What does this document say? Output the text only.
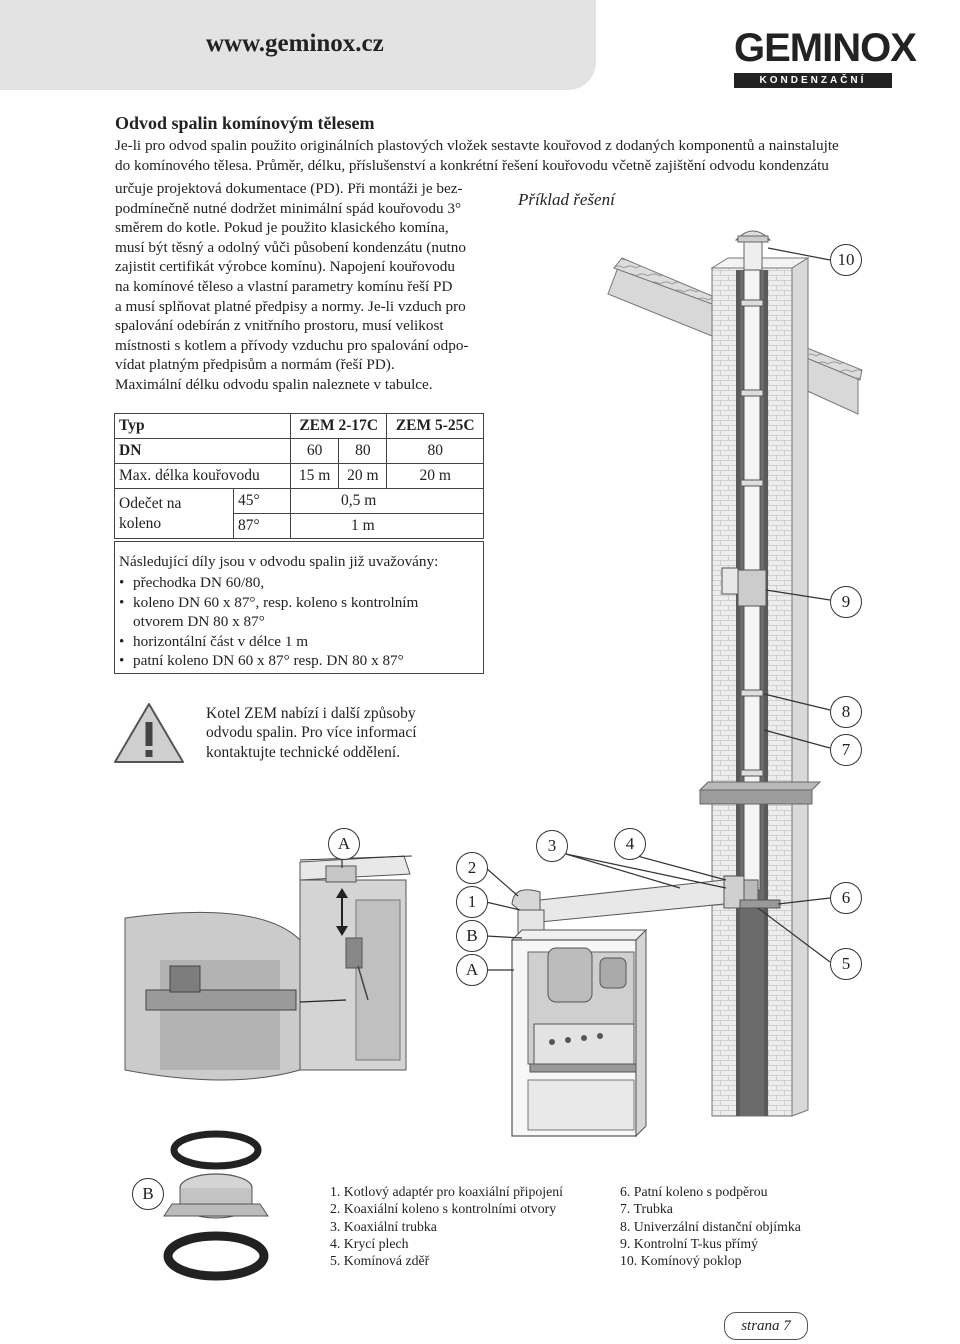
www.geminox.cz	GEMINOX
KONDENZAČNÍ KOTLE
Odvod spalin komínovým tělesem
Je-li pro odvod spalin použito originálních plastových vložek sestavte kouřovod z dodaných komponentů a nainstalujte
do komínového tělesa. Průměr, délku, příslušenství a konkrétní řešení kouřovodu včetně zajištění odvodu kondenzátu
určuje projektová dokumentace (PD). Při montáži je bez-
podmínečně nutné dodržet minimální spád kouřovodu 3°
směrem do kotle. Pokud je použito klasického komína,
musí být těsný a odolný vůči působení kondenzátu (nutno
zajistit certifikát výrobce komínu). Napojení kouřovodu
na komínové těleso a vlastní parametry komínu řeší PD
a musí splňovat platné předpisy a normy. Je-li vzduch pro
spalování odebírán z vnitřního prostoru, musí velikost
místnosti s kotlem a přívody vzduchu pro spalování odpo-
vídat platným předpisům a normám (řeší PD).
Maximální délku odvodu spalin naleznete v tabulce.
Příklad řešení
Typ		ZEM 2-17C		ZEM 5-25C
DN		60	80	80
Max. délka kouřovodu		15 m	20 m	20 m

Odečet na
koleno	45°	0,5 m		
	87°	1 m		
Následující díly jsou v odvodu spalin již uvažovány:
• přechodka DN 60/80,
• koleno DN 60 x 87°, resp. koleno s kontrolním
otvorem DN 80 x 87°
• horizontální část v délce 1 m
• patní koleno DN 60 x 87° resp. DN 80 x 87°
Kotel ZEM nabízí i další způsoby
odvodu spalin. Pro více informací
kontaktujte technické oddělení.
10
9
8
7
6
5
4
3
2
1
B
A
A
B	1. Kotlový adaptér pro koaxiální připojení
2. Koaxiální koleno s kontrolními otvory
3. Koaxiální trubka
4. Krycí plech
5. Komínová zděř
6. Patní koleno s podpěrou
7. Trubka
8. Univerzální distanční objímka
9. Kontrolní T-kus přímý
10. Komínový poklop
strana 7
